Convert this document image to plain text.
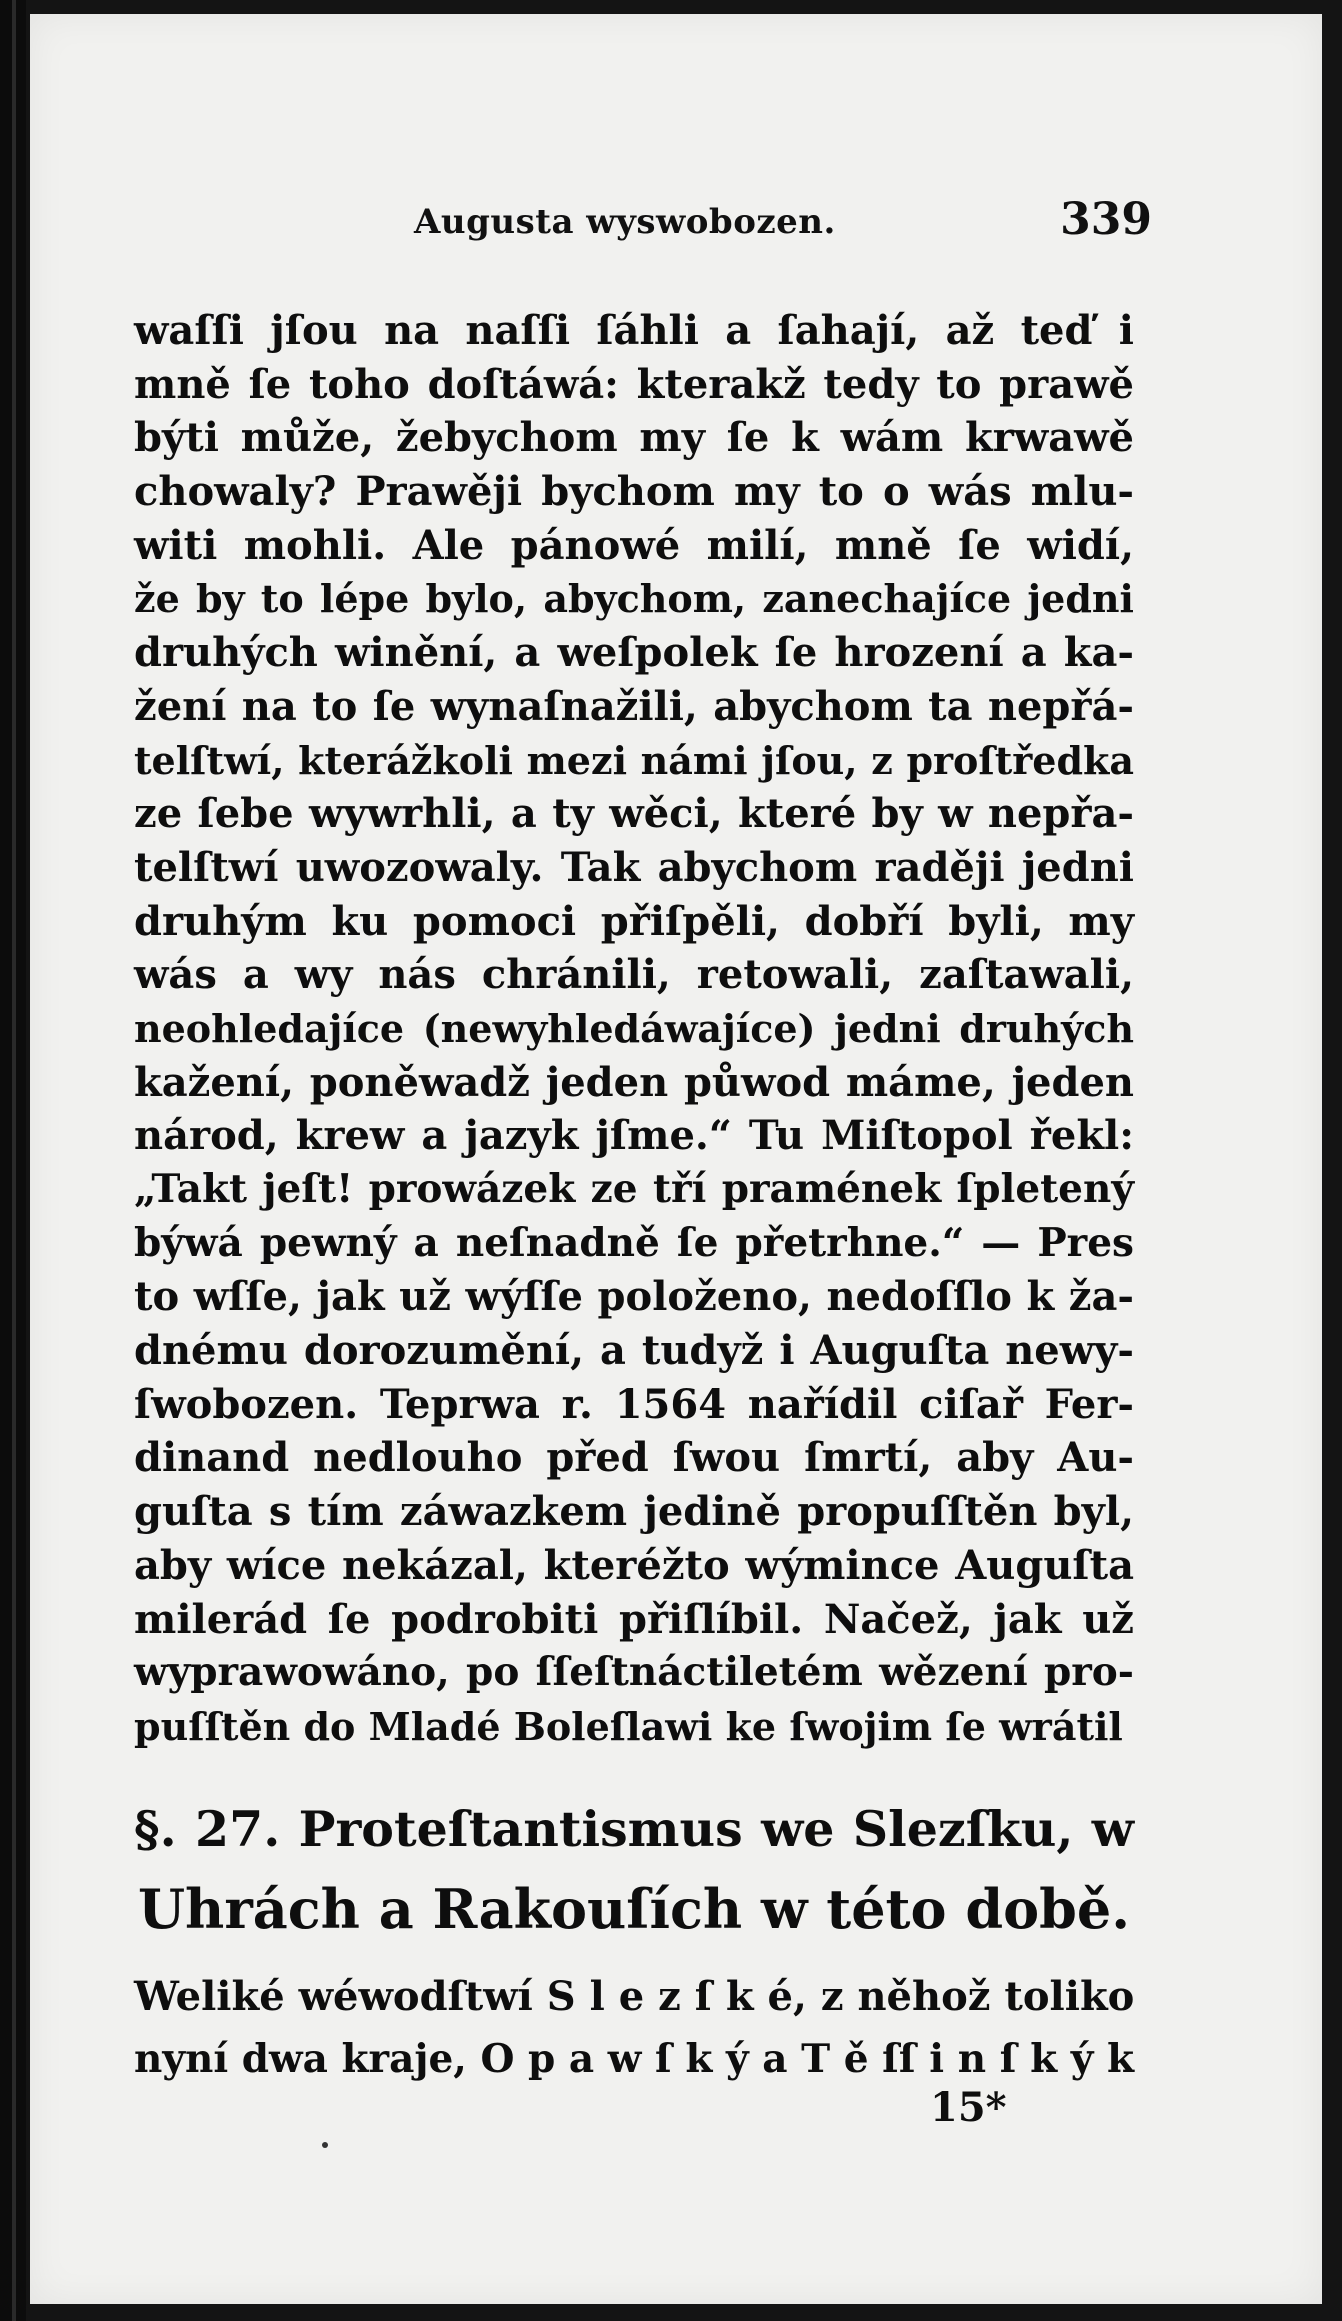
Augusta wyswobozen.	339
waſſi jſou na naſſi ſáhli a ſahají, až teď i
mně ſe toho doſtáwá: kterakž tedy to prawě
býti může, žebychom my ſe k wám krwawě
chowaly? Prawěji bychom my to o wás mlu-
witi mohli. Ale pánowé milí, mně ſe widí,
že by to lépe bylo, abychom, zanechajíce jedni
druhých winění, a weſpolek ſe hrození a ka-
žení na to ſe wynaſnažili, abychom ta nepřá-
telſtwí, kterážkoli mezi námi jſou, z proſtředka
ze ſebe wywrhli, a ty wěci, které by w nepřa-
telſtwí uwozowaly. Tak abychom raději jedni
druhým ku pomoci přiſpěli, dobří byli, my
wás a wy nás chránili, retowali, zaſtawali,
neohledajíce (newyhledáwajíce) jedni druhých
kažení, poněwadž jeden půwod máme, jeden
národ, krew a jazyk jſme.“ Tu Miſtopol řekl:
„Takt jeſt! prowázek ze tří pramének ſpletený
býwá pewný a neſnadně ſe přetrhne.“ — Pres
to wſſe, jak už wýſſe položeno, nedoſſlo k ža-
dnému dorozumění, a tudyž i Auguſta newy-
ſwobozen. Teprwa r. 1564 nařídil ciſař Fer-
dinand nedlouho před ſwou ſmrtí, aby Au-
guſta s tím záwazkem jedině propuſſtěn byl,
aby wíce nekázal, kteréžto wýmince Auguſta
milerád ſe podrobiti přiſlíbil. Načež, jak už
wyprawowáno, po ſſeſtnáctiletém wězení pro-
puſſtěn do Mladé Boleſlawi ke ſwojim ſe wrátil
§. 27. Proteſtantismus we Slezſku, w
Uhrách a Rakouſích w této době.
Weliké wéwodſtwí S l e z ſ k é, z něhož toliko
nyní dwa kraje, O p a w ſ k ý a T ě ſſ i n ſ k ý k
15*
